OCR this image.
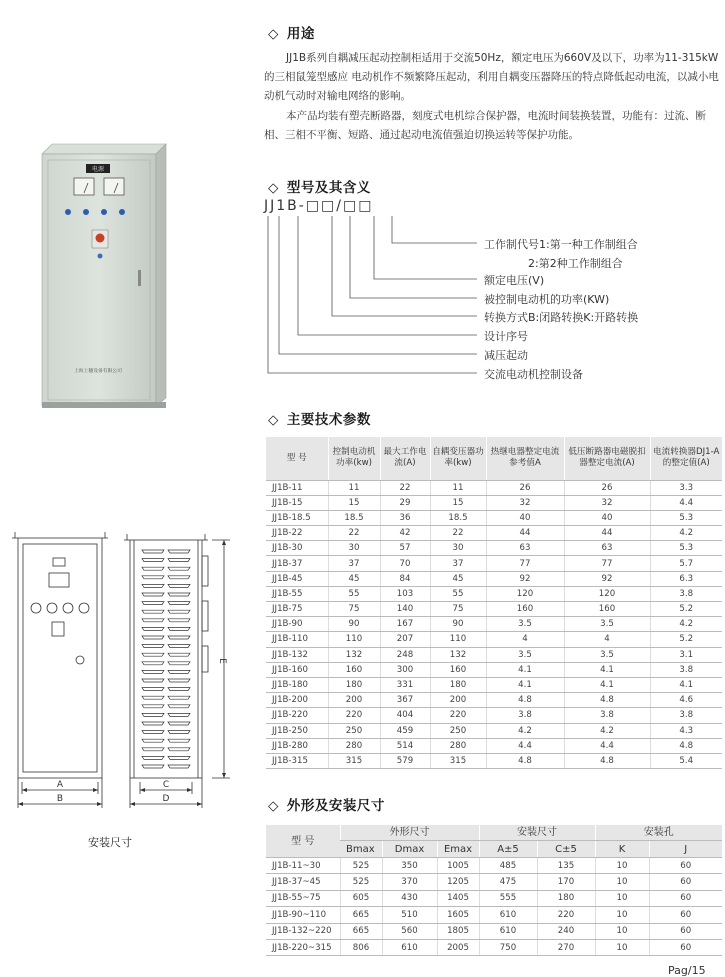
电源
上海上穗设备有限公司
A
B
C
D
E
安装尺寸
◇ 用途
JJ1B系列自耦减压起动控制柜适用于交流50Hz，额定电压为660V及以下，功率为11-315kW的三相鼠笼型感应 电动机作不频繁降压起动，利用自耦变压器降压的特点降低起动电流，以减小电动机气动时对输电网络的影响。
本产品均装有塑壳断路器，刻度式电机综合保护器，电流时间装换装置，功能有：过流、断相、三相不平衡、短路、通过起动电流值强迫切换运转等保护功能。
◇ 型号及其含义
JJ1B-□□/□□
工作制代号1:第一种工作制组合
2:第2种工作制组合
额定电压(V)
被控制电动机的功率(KW)
转换方式B:闭路转换K:开路转换
设计序号
减压起动
交流电动机控制设备
◇ 主要技术参数
型 号	控制电动机功率(kw)	最大工作电流(A)	自耦变压器功率(kw)	热继电器整定电流参考值A	低压断路器电磁脱扣器整定电流(A)	电流转换器DJ1-A的整定值(A)
JJ1B-11	11	22	11	26	26	3.3
JJ1B-15	15	29	15	32	32	4.4
JJ1B-18.5	18.5	36	18.5	40	40	5.3
JJ1B-22	22	42	22	44	44	4.2
JJ1B-30	30	57	30	63	63	5.3
JJ1B-37	37	70	37	77	77	5.7
JJ1B-45	45	84	45	92	92	6.3
JJ1B-55	55	103	55	120	120	3.8
JJ1B-75	75	140	75	160	160	5.2
JJ1B-90	90	167	90	3.5	3.5	4.2
JJ1B-110	110	207	110	4	4	5.2
JJ1B-132	132	248	132	3.5	3.5	3.1
JJ1B-160	160	300	160	4.1	4.1	3.8
JJ1B-180	180	331	180	4.1	4.1	4.1
JJ1B-200	200	367	200	4.8	4.8	4.6
JJ1B-220	220	404	220	3.8	3.8	3.8
JJ1B-250	250	459	250	4.2	4.2	4.3
JJ1B-280	280	514	280	4.4	4.4	4.8
JJ1B-315	315	579	315	4.8	4.8	5.4
◇ 外形及安装尺寸
型 号	外形尺寸			安装尺寸		安装孔	
	Bmax	Dmax	Emax	A±5	C±5	K	J
JJ1B-11~30	525	350	1005	485	135	10	60
JJ1B-37~45	525	370	1205	475	170	10	60
JJ1B-55~75	605	430	1405	555	180	10	60
JJ1B-90~110	665	510	1605	610	220	10	60
JJ1B-132~220	665	560	1805	610	240	10	60
JJ1B-220~315	806	610	2005	750	270	10	60
Pag/15
